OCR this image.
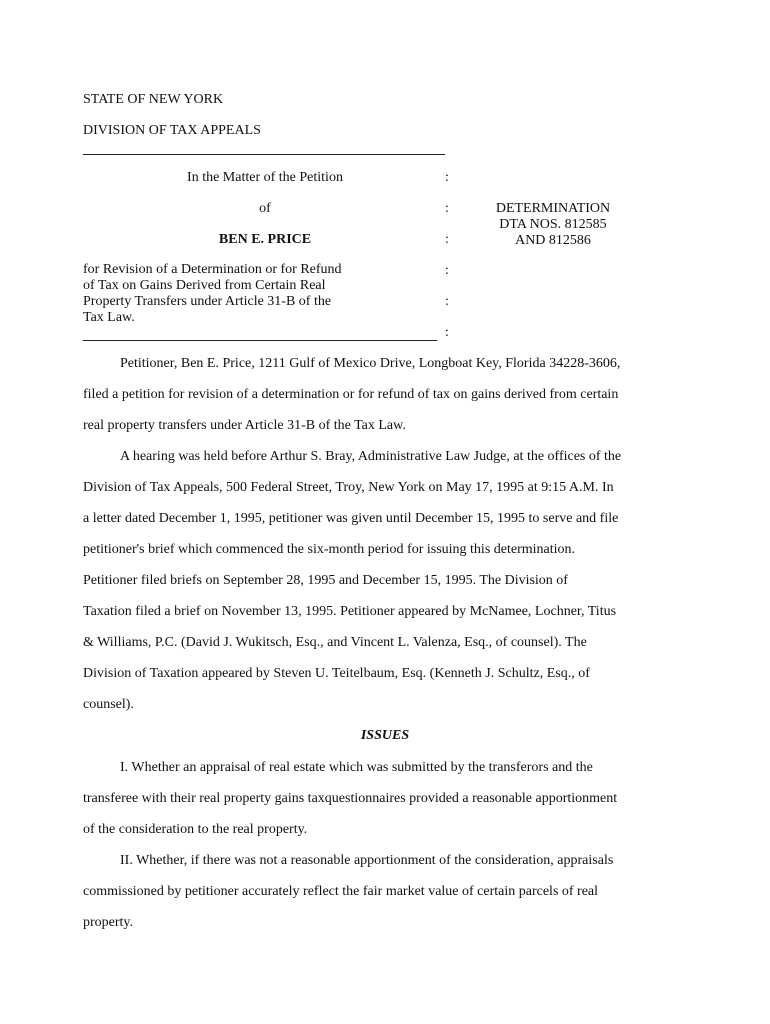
STATE OF NEW YORK
DIVISION OF TAX APPEALS
In the Matter of the Petition
of
BEN E. PRICE
for Revision of a Determination or for Refund
of Tax on Gains Derived from Certain Real
Property Transfers under Article 31-B of the
Tax Law.
:
:
:
:
:
:
DETERMINATION
DTA NOS. 812585
AND 812586
Petitioner, Ben E. Price, 1211 Gulf of Mexico Drive, Longboat Key, Florida 34228-3606,
filed a petition for revision of a determination or for refund of tax on gains derived from certain
real property transfers under Article 31-B of the Tax Law.
A hearing was held before Arthur S. Bray, Administrative Law Judge, at the offices of the
Division of Tax Appeals, 500 Federal Street, Troy, New York on May 17, 1995 at 9:15 A.M. In
a letter dated December 1, 1995, petitioner was given until December 15, 1995 to serve and file
petitioner's brief which commenced the six-month period for issuing this determination.
Petitioner filed briefs on September 28, 1995 and December 15, 1995. The Division of
Taxation filed a brief on November 13, 1995. Petitioner appeared by McNamee, Lochner, Titus
& Williams, P.C. (David J. Wukitsch, Esq., and Vincent L. Valenza, Esq., of counsel). The
Division of Taxation appeared by Steven U. Teitelbaum, Esq. (Kenneth J. Schultz, Esq., of
counsel).
ISSUES
I. Whether an appraisal of real estate which was submitted by the transferors and the
transferee with their real property gains taxquestionnaires provided a reasonable apportionment
of the consideration to the real property.
II. Whether, if there was not a reasonable apportionment of the consideration, appraisals
commissioned by petitioner accurately reflect the fair market value of certain parcels of real
property.
